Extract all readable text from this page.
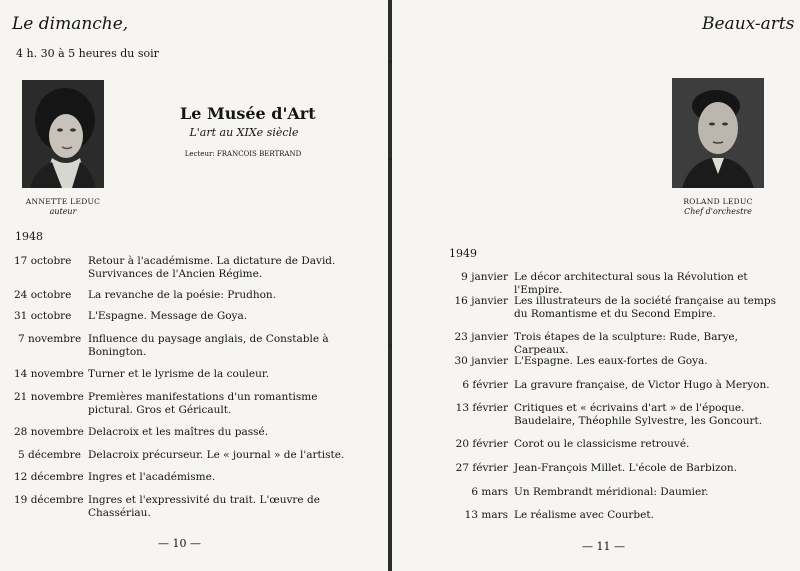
Le dimanche,
4 h. 30 à 5 heures du soir
ANNETTE LEDUC
auteur
Le Musée d'Art
L'art au XIXe siècle
Lecteur: FRANCOIS BERTRAND
1948
17 octobre Retour à l'académisme. La dictature de David. Survivances de l'Ancien Régime.
24 octobre La revanche de la poésie: Prudhon.
31 octobre L'Espagne. Message de Goya.
7 novembre Influence du paysage anglais, de Constable à Bonington.
14 novembre Turner et le lyrisme de la couleur.
21 novembre Premières manifestations d'un romantisme pictural. Gros et Géricault.
28 novembre Delacroix et les maîtres du passé.
5 décembre Delacroix précurseur. Le « journal » de l'artiste.
12 décembre Ingres et l'académisme.
19 décembre Ingres et l'expressivité du trait. L'œuvre de Chassériau.
— 10 —
Beaux-arts
ROLAND LEDUC
Chef d'orchestre
1949
9 janvier Le décor architectural sous la Révolution et l'Empire.
16 janvier Les illustrateurs de la société française au temps du Romantisme et du Second Empire.
23 janvier Trois étapes de la sculpture: Rude, Barye, Carpeaux.
30 janvier L'Espagne. Les eaux-fortes de Goya.
6 février La gravure française, de Victor Hugo à Meryon.
13 février Critiques et « écrivains d'art » de l'époque. Baudelaire, Théophile Sylvestre, les Goncourt.
20 février Corot ou le classicisme retrouvé.
27 février Jean-François Millet. L'école de Barbizon.
6 mars Un Rembrandt méridional: Daumier.
13 mars Le réalisme avec Courbet.
— 11 —
